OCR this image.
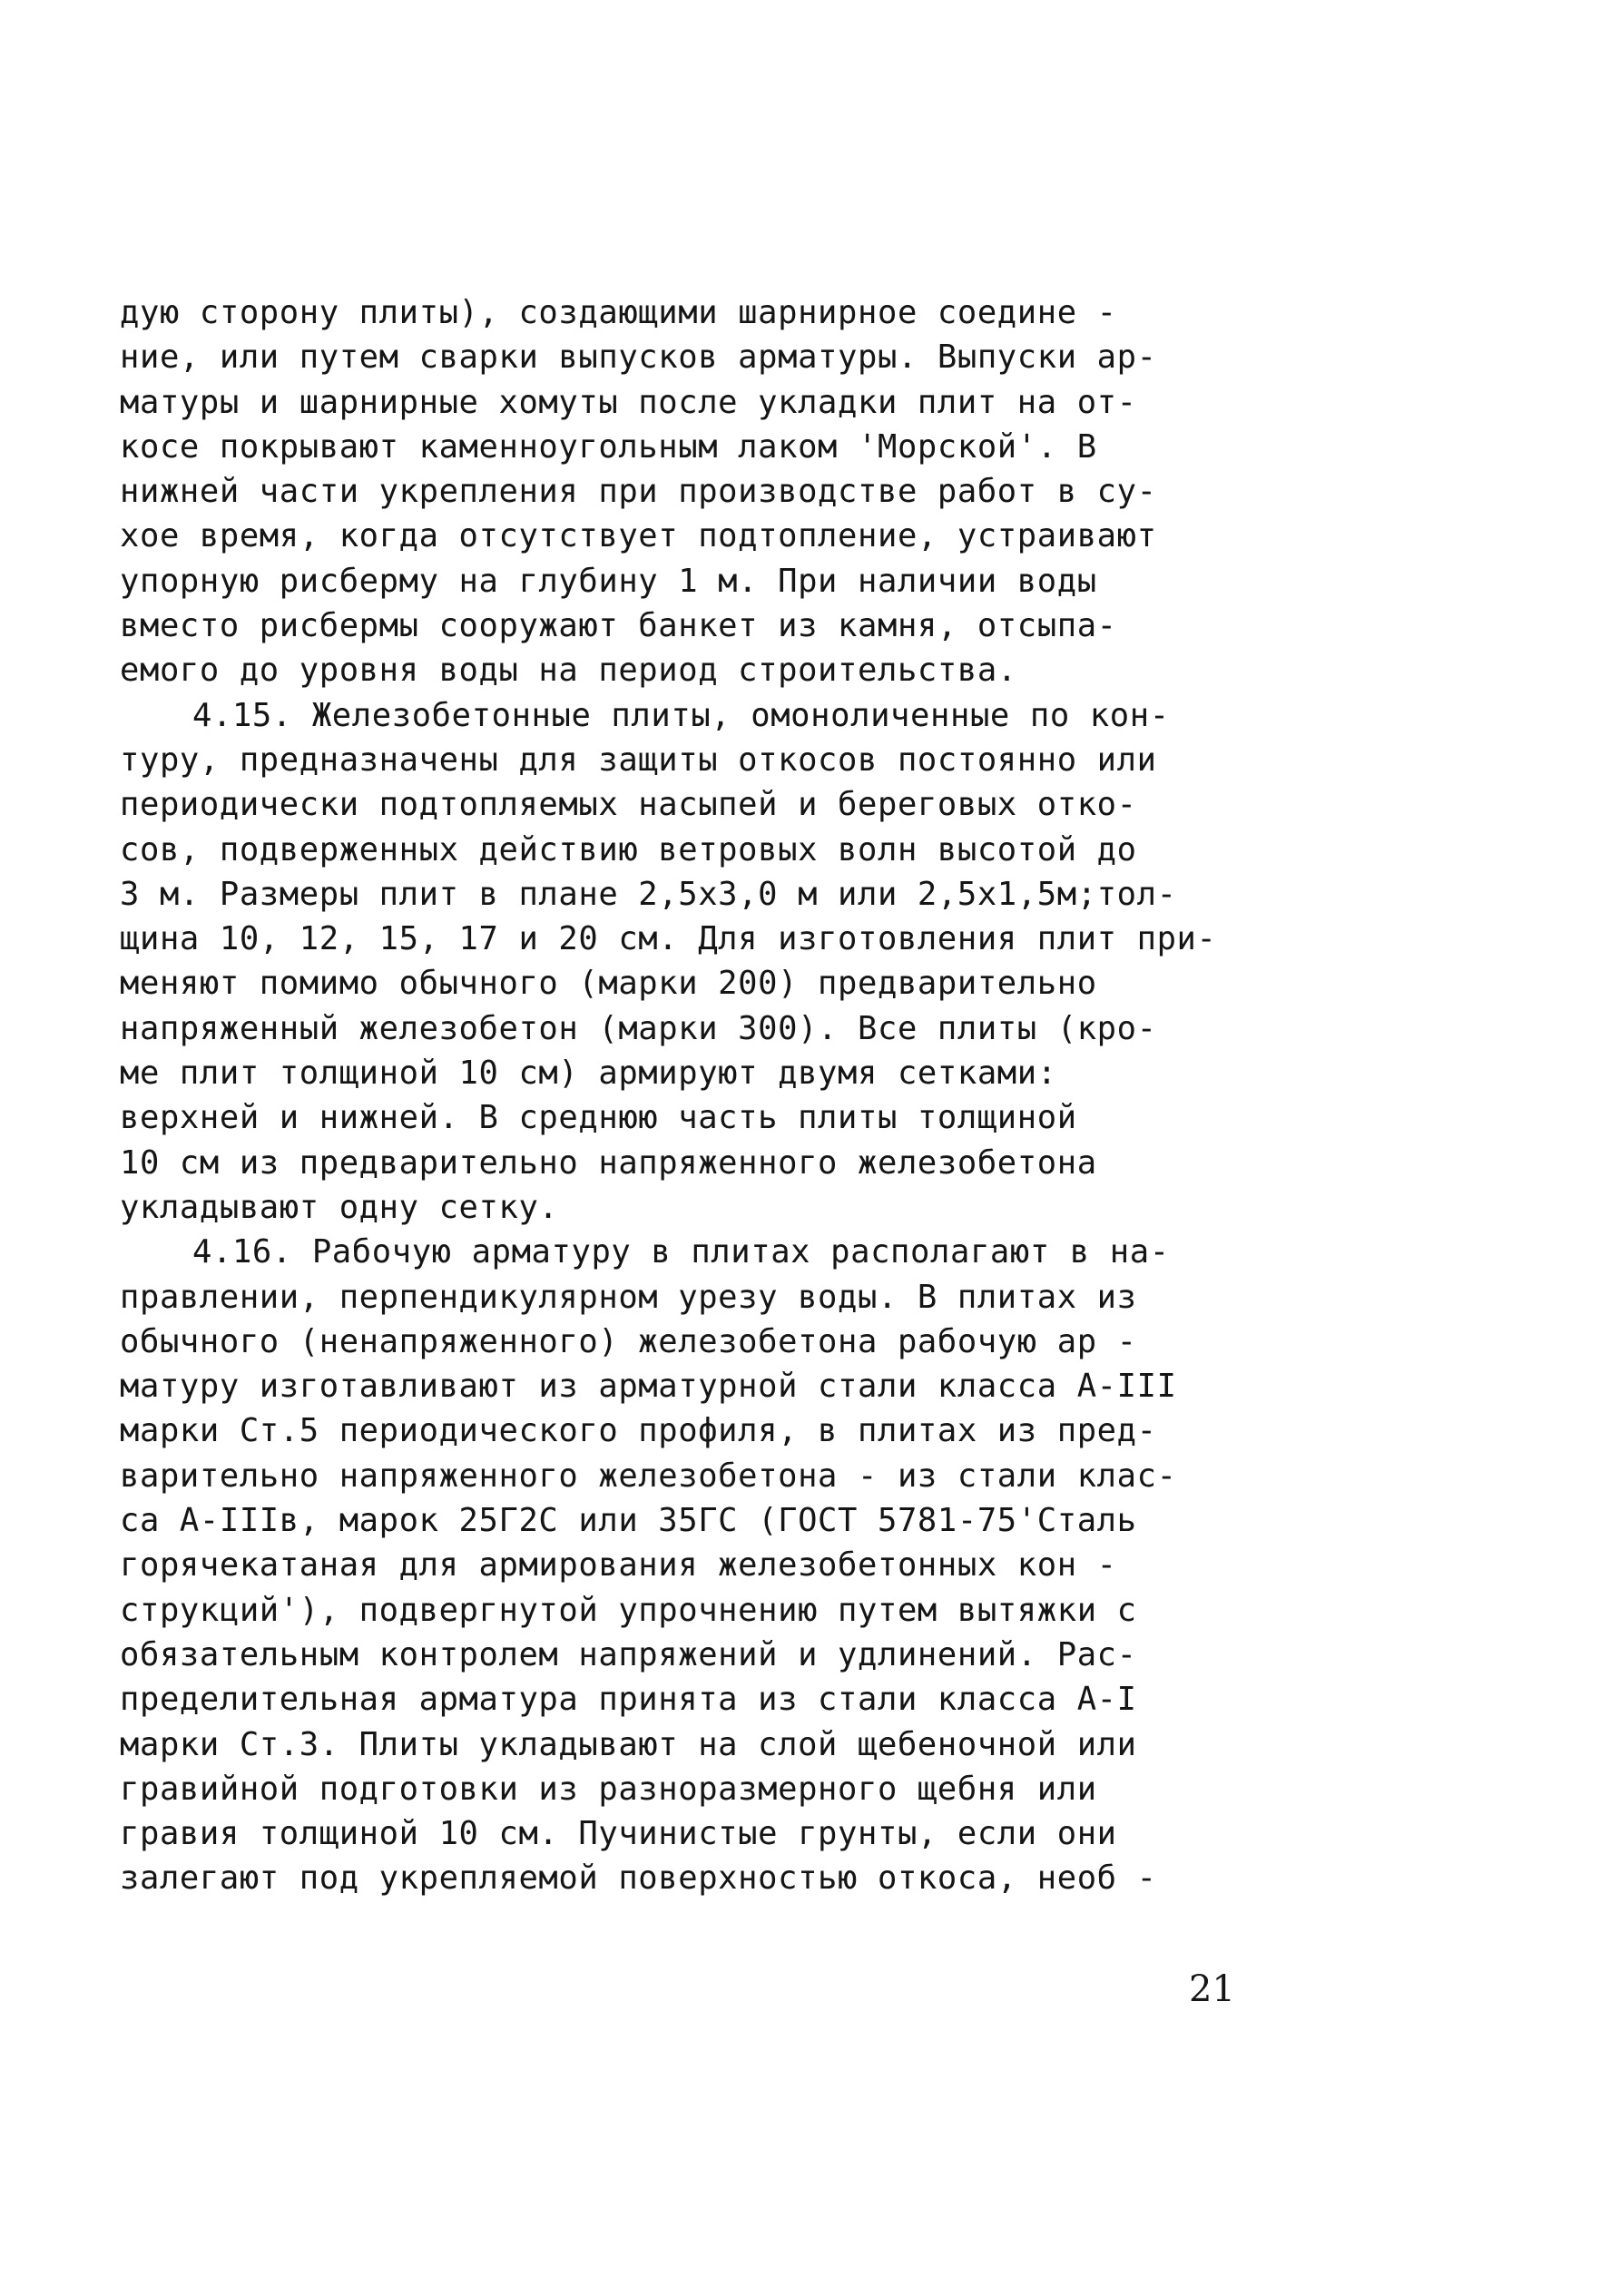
дую сторону плиты), создающими шарнирное соедине -
ние, или путем сварки выпусков арматуры. Выпуски ар-
матуры и шарнирные хомуты после укладки плит на от-
косе покрывают каменноугольным лаком 'Морской'. В
нижней части укрепления при производстве работ в су-
хое время, когда отсутствует подтопление, устраивают
упорную рисберму на глубину 1 м. При наличии воды
вместо рисбермы сооружают банкет из камня, отсыпа-
емого до уровня воды на период строительства.
4.15. Железобетонные плиты, омоноличенные по кон-
туру, предназначены для защиты откосов постоянно или
периодически подтопляемых насыпей и береговых отко-
сов, подверженных действию ветровых волн высотой до
3 м. Размеры плит в плане 2,5х3,0 м или 2,5х1,5м;тол-
щина 10, 12, 15, 17 и 20 см. Для изготовления плит при-
меняют помимо обычного (марки 200) предварительно
напряженный железобетон (марки 300). Все плиты (кро-
ме плит толщиной 10 см) армируют двумя сетками:
верхней и нижней. В среднюю часть плиты толщиной
10 см из предварительно напряженного железобетона
укладывают одну сетку.
4.16. Рабочую арматуру в плитах располагают в на-
правлении, перпендикулярном урезу воды. В плитах из
обычного (ненапряженного) железобетона рабочую ар -
матуру изготавливают из арматурной стали класса А-III
марки Ст.5 периодического профиля, в плитах из пред-
варительно напряженного железобетона - из стали клас-
са А-IIIв, марок 25Г2С или 35ГС (ГОСТ 5781-75'Сталь
горячекатаная для армирования железобетонных кон -
струкций'), подвергнутой упрочнению путем вытяжки с
обязательным контролем напряжений и удлинений. Рас-
пределительная арматура принята из стали класса А-I
марки Ст.3. Плиты укладывают на слой щебеночной или
гравийной подготовки из разноразмерного щебня или
гравия толщиной 10 см. Пучинистые грунты, если они
залегают под укрепляемой поверхностью откоса, необ -
21
